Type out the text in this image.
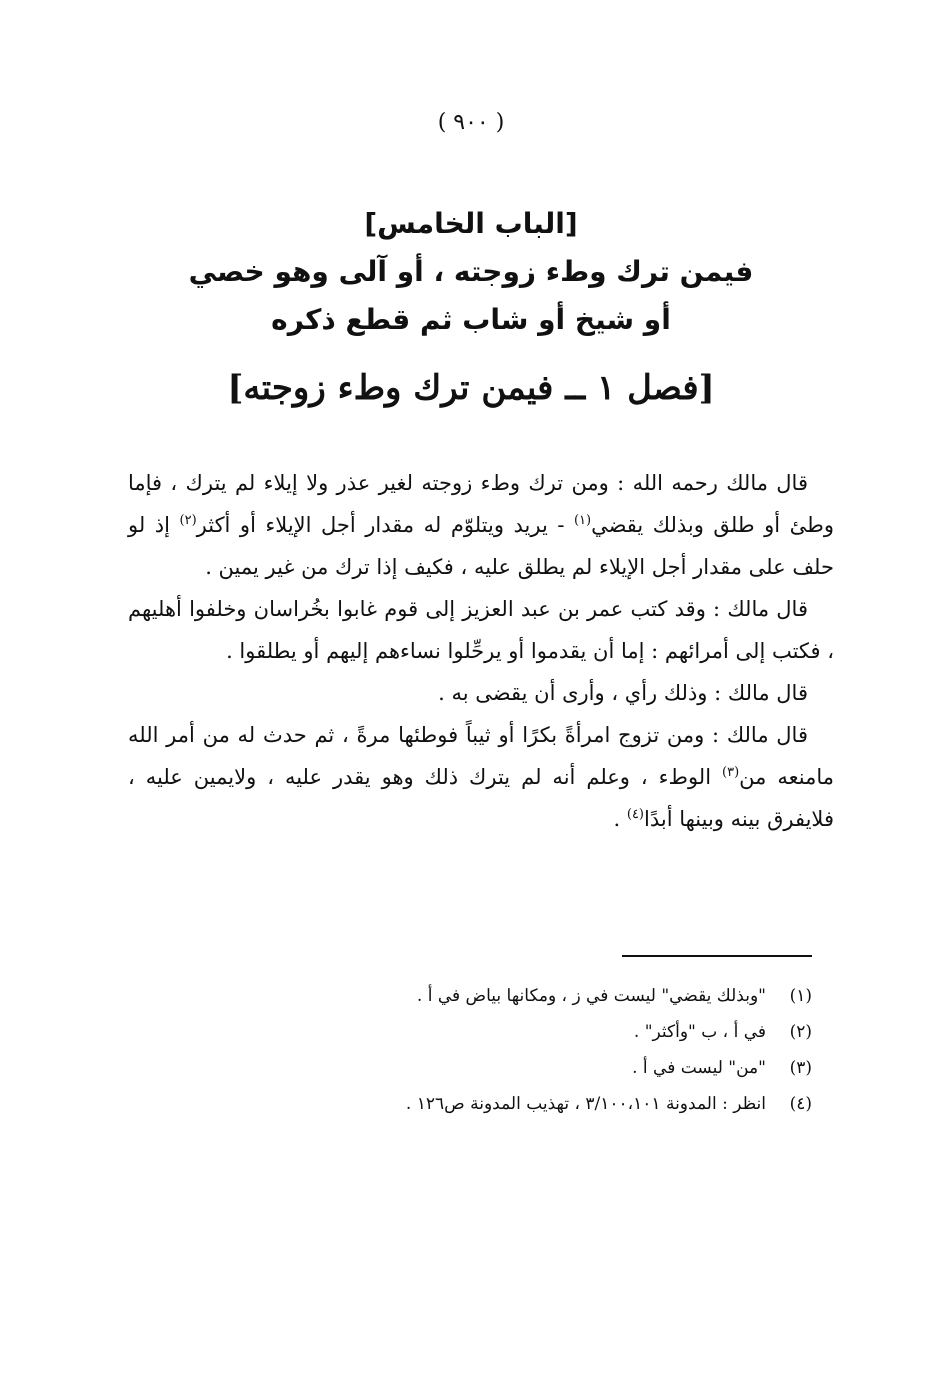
( ٩٠٠ )
[الباب الخامس]
فيمن ترك وطء زوجته ، أو آلى وهو خصي
أو شيخ أو شاب ثم قطع ذكره
[فصل ١ ــ فيمن ترك وطء زوجته]

قال مالك رحمه الله : ومن ترك وطء زوجته لغير عذر ولا إيلاء لم يترك ، فإما وطئ أو طلق وبذلك يقضي$^{(١)}$ - يريد ويتلوّم له مقدار أجل الإيلاء أو أكثر$^{(٢)}$ إذ لو حلف على مقدار أجل الإيلاء لم يطلق عليه ، فكيف إذا ترك من غير يمين .

قال مالك : وقد كتب عمر بن عبد العزيز إلى قوم غابوا بخُراسان وخلفوا أهليهم ، فكتب إلى أمرائهم : إما أن يقدموا أو يرحِّلوا نساءهم إليهم أو يطلقوا .

قال مالك : وذلك رأي ، وأرى أن يقضى به .

قال مالك : ومن تزوج امرأةً بكرًا أو ثيباً فوطئها مرةً ، ثم حدث له من أمر الله مامنعه من$^{(٣)}$ الوطء ، وعلم أنه لم يترك ذلك وهو يقدر عليه ، ولايمين عليه ، فلايفرق بينه وبينها أبدًا$^{(٤)}$ .

(١)
"وبذلك يقضي" ليست في ز ، ومكانها بياض في أ .
(٢)
في أ ، ب "وأكثر" .
(٣)
"من" ليست في أ .
(٤)
انظر : المدونة ٣/١٠٠،١٠١ ، تهذيب المدونة ص١٢٦ .
